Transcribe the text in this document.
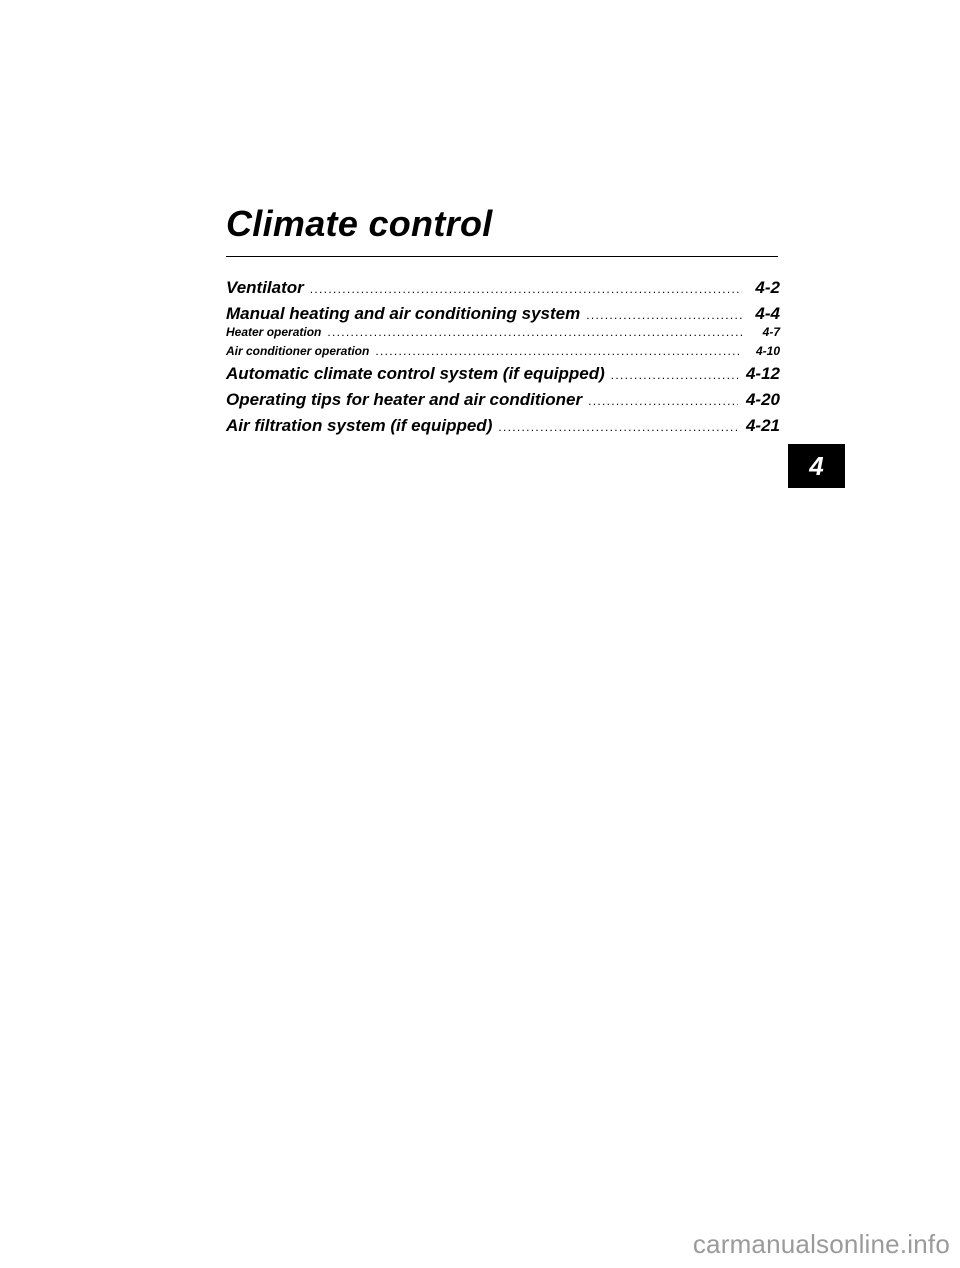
Climate control
Ventilator .....	4-2
Manual heating and air conditioning system .....	4-4
Heater operation .....	4-7
Air conditioner operation .....	4-10
Automatic climate control system (if equipped) .....	4-12
Operating tips for heater and air conditioner .....	4-20
Air filtration system (if equipped) .....	4-21
4
carmanualsonline.info
